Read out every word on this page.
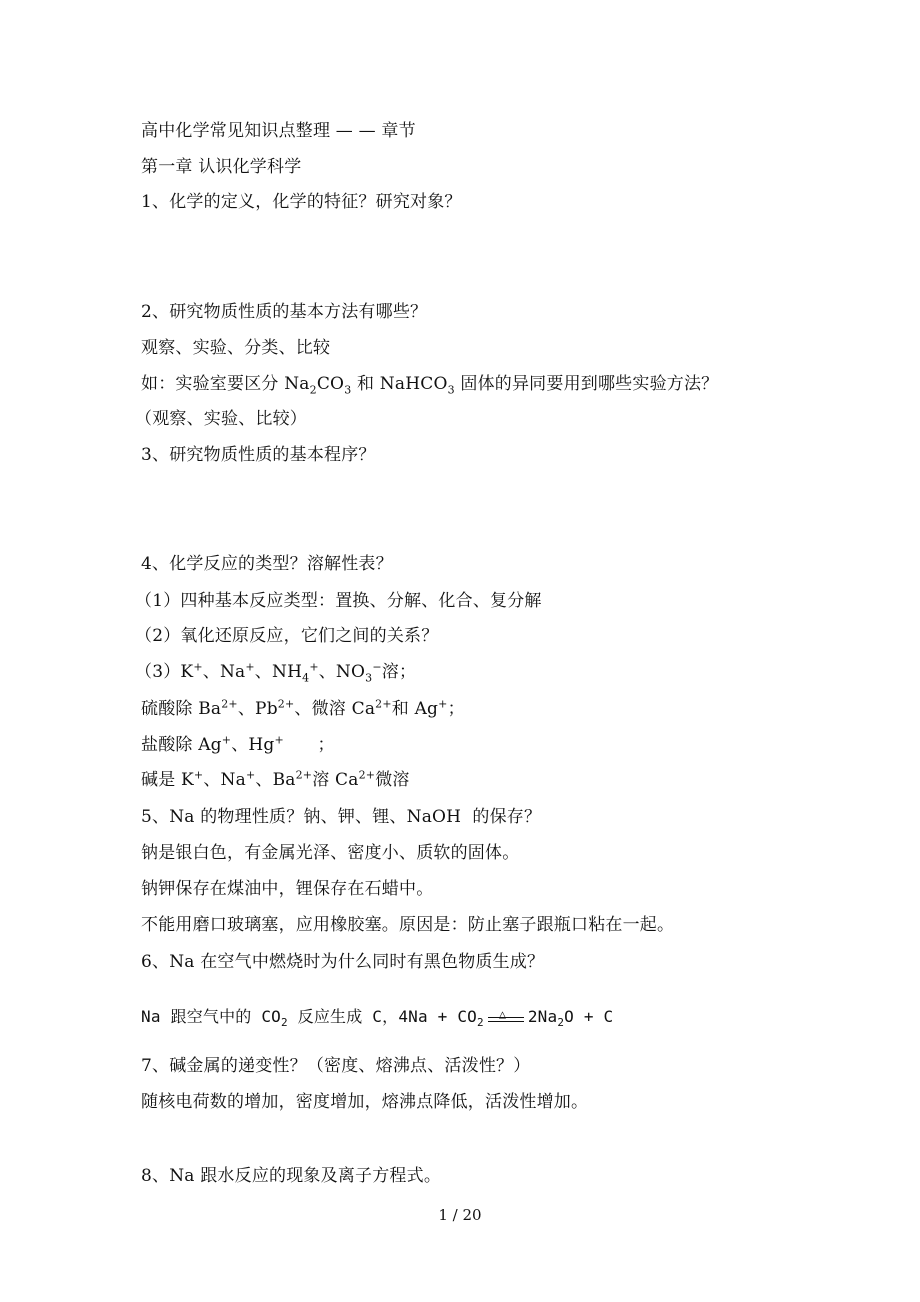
高中化学常见知识点整理 — — 章节
第一章 认识化学科学
1、化学的定义，化学的特征？研究对象？
2、研究物质性质的基本方法有哪些？
观察、实验、分类、比较
如：实验室要区分 $Na_2CO_3$ 和 NaHCO$_3$ 固体的异同要用到哪些实验方法？
（观察、实验、比较）
3、研究物质性质的基本程序？
4、化学反应的类型？溶解性表？
（1）四种基本反应类型：置换、分解、化合、复分解
（2）氧化还原反应，它们之间的关系？
（3）K+、Na+、$NH_4^+$、$NO_3^-$溶；
硫酸除 $Ba^{2+}$、$Pb^{2+}$、微溶 $Ca^{2+}$和 Ag+；
盐酸除 Ag+、Hg+      ；
碱是 K+、Na+、$Ba^{2+}$溶 $Ca^{2+}$微溶
5、Na 的物理性质？钠、钾、锂、NaOH  的保存？
钠是银白色，有金属光泽、密度小、质软的固体。
钠钾保存在煤油中，锂保存在石蜡中。
不能用磨口玻璃塞，应用橡胶塞。原因是：防止塞子跟瓶口粘在一起。
6、Na 在空气中燃烧时为什么同时有黑色物质生成？
Na 跟空气中的 $CO_2$ 反应生成 C，$4Na + CO_2$
△ $2Na_2O + C$
7、碱金属的递变性？（密度、熔沸点、活泼性？）
随核电荷数的增加，密度增加，熔沸点降低，活泼性增加。
8、Na 跟水反应的现象及离子方程式。
1 / 20
